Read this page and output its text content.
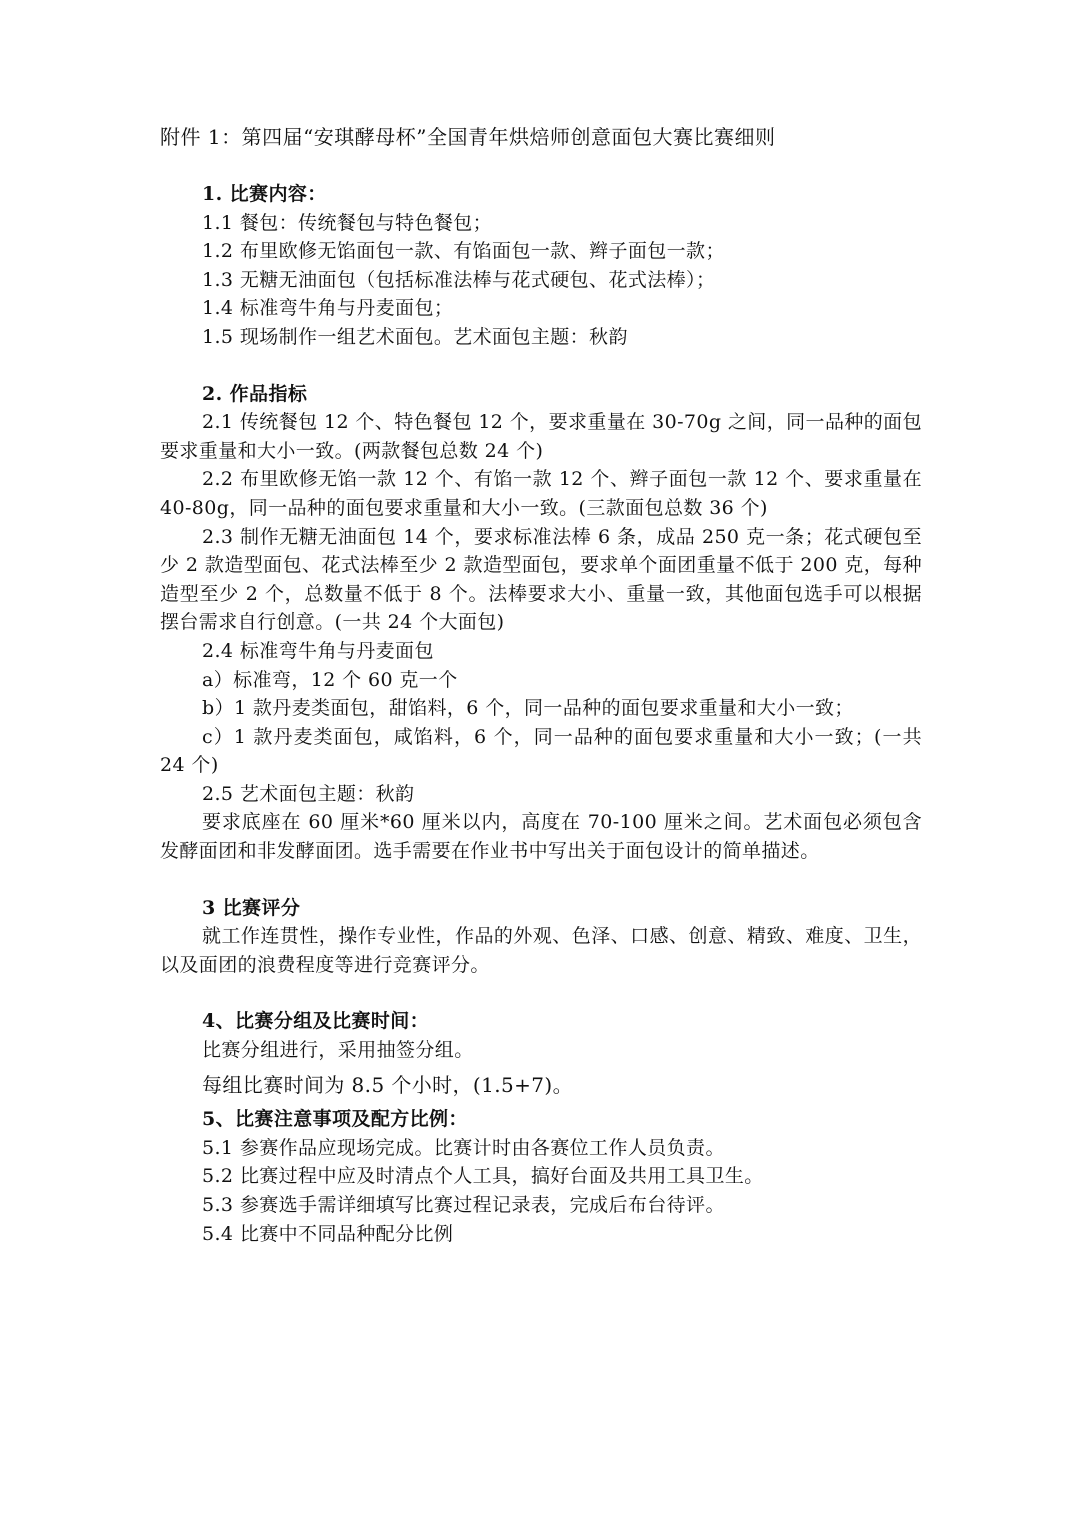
附件 1：第四届“安琪酵母杯”全国青年烘焙师创意面包大赛比赛细则

1. 比赛内容：

1.1 餐包：传统餐包与特色餐包；

1.2 布里欧修无馅面包一款、有馅面包一款、辫子面包一款；

1.3 无糖无油面包（包括标准法棒与花式硬包、花式法棒）；

1.4 标准弯牛角与丹麦面包；

1.5 现场制作一组艺术面包。艺术面包主题：秋韵

2. 作品指标

2.1 传统餐包 12 个、特色餐包 12 个，要求重量在 30-70g 之间，同一品种的面包要求重量和大小一致。(两款餐包总数 24 个)

2.2 布里欧修无馅一款 12 个、有馅一款 12 个、辫子面包一款 12 个、要求重量在 40-80g，同一品种的面包要求重量和大小一致。(三款面包总数 36 个)

2.3 制作无糖无油面包 14 个，要求标准法棒 6 条，成品 250 克一条；花式硬包至少 2 款造型面包、花式法棒至少 2 款造型面包，要求单个面团重量不低于 200 克，每种造型至少 2 个，总数量不低于 8 个。法棒要求大小、重量一致，其他面包选手可以根据摆台需求自行创意。(一共 24 个大面包)

2.4 标准弯牛角与丹麦面包

a）标准弯，12 个 60 克一个

b）1 款丹麦类面包，甜馅料，6 个，同一品种的面包要求重量和大小一致；

c）1 款丹麦类面包，咸馅料，6 个，同一品种的面包要求重量和大小一致；(一共 24 个)

2.5 艺术面包主题：秋韵

要求底座在 60 厘米*60 厘米以内，高度在 70-100 厘米之间。艺术面包必须包含发酵面团和非发酵面团。选手需要在作业书中写出关于面包设计的简单描述。

3 比赛评分

就工作连贯性，操作专业性，作品的外观、色泽、口感、创意、精致、难度、卫生，以及面团的浪费程度等进行竞赛评分。

4、比赛分组及比赛时间：

比赛分组进行，采用抽签分组。

每组比赛时间为 8.5 个小时，(1.5+7)。

5、比赛注意事项及配方比例：

5.1 参赛作品应现场完成。比赛计时由各赛位工作人员负责。

5.2 比赛过程中应及时清点个人工具，搞好台面及共用工具卫生。

5.3 参赛选手需详细填写比赛过程记录表，完成后布台待评。

5.4 比赛中不同品种配分比例
